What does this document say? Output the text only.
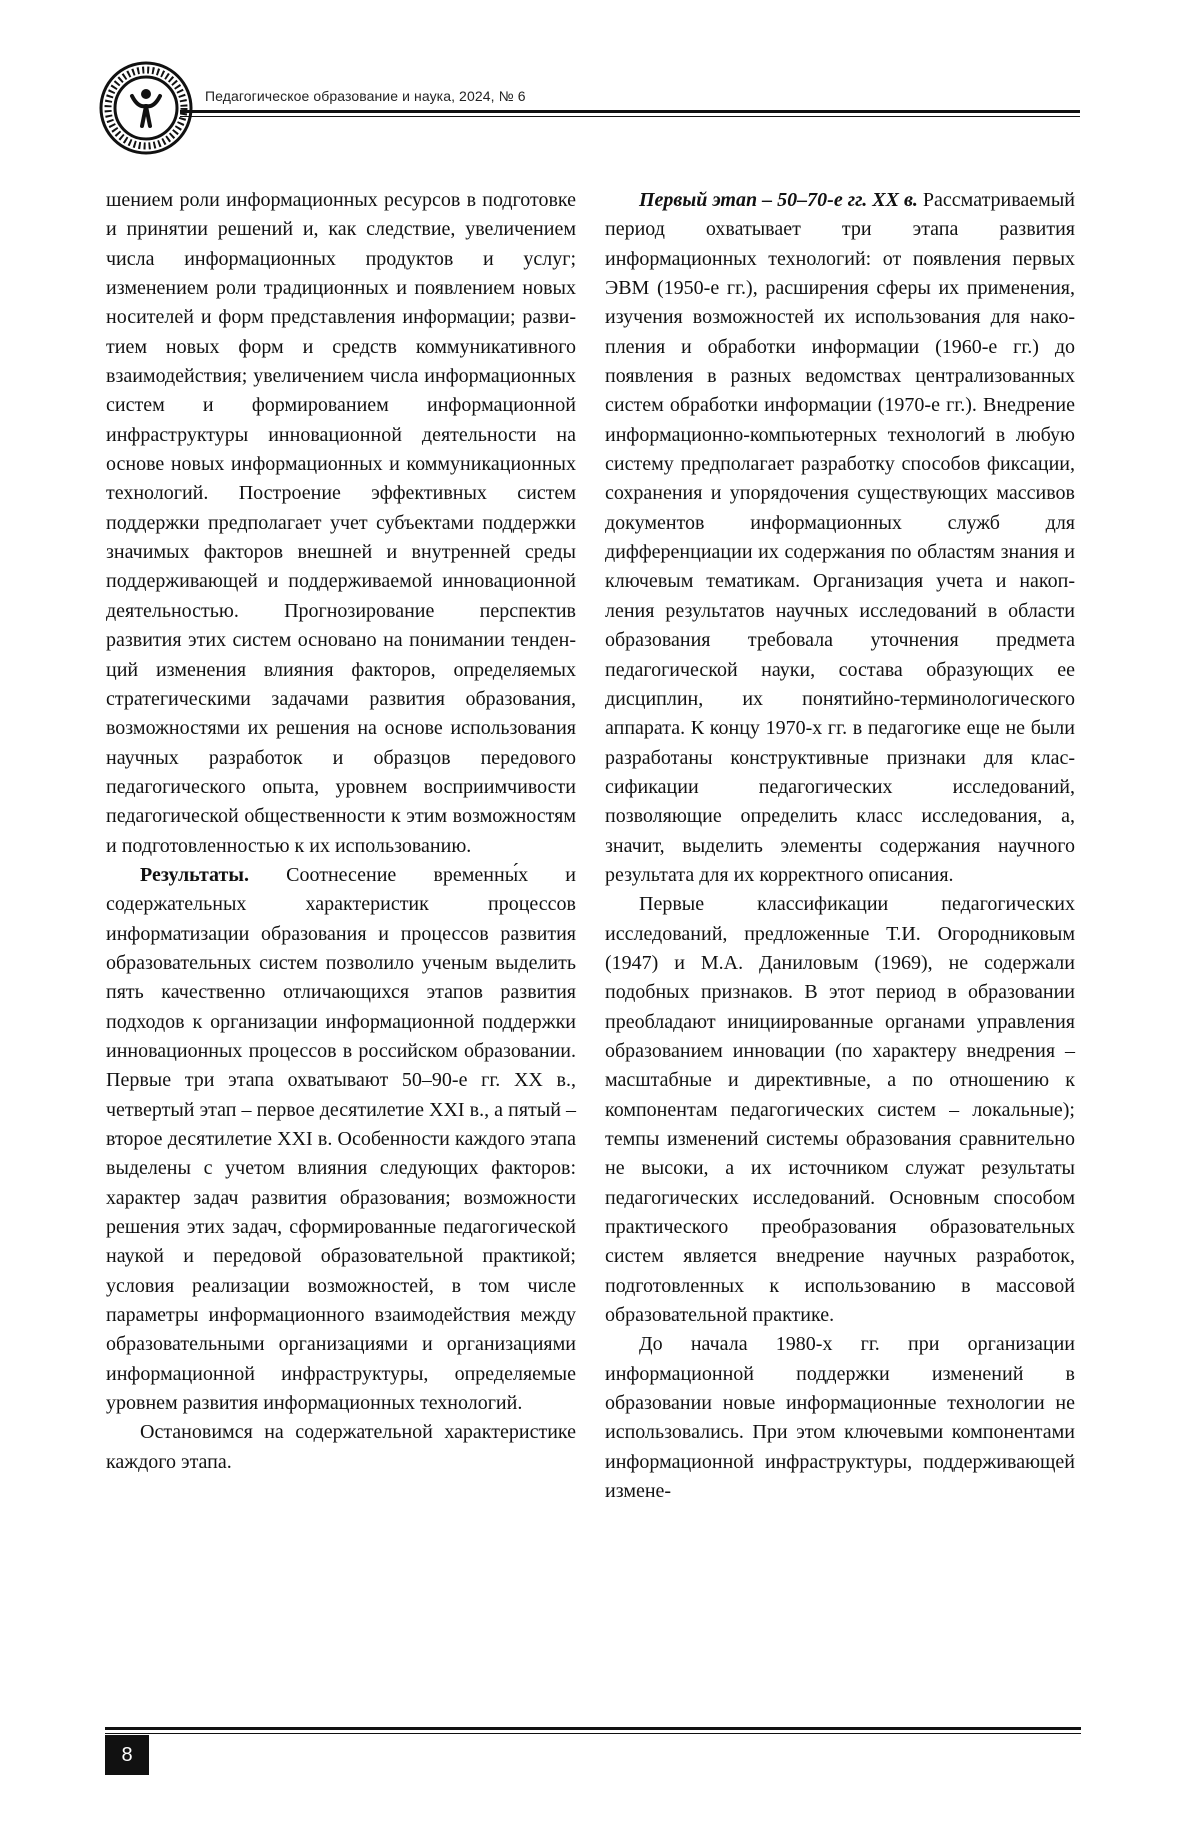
Педагогическое образование и наука, 2024, № 6

шением роли информационных ресурсов в подготовке и принятии решений и, как следствие, увеличением числа информационных продуктов и услуг; изменением роли традиционных и появлением новых носителей и форм представления информации; развитием новых форм и средств коммуникативного взаимодействия; увеличением числа информационных систем и формированием информационной инфраструктуры инновационной деятельности на основе новых информационных и коммуникационных технологий. Построение эффективных систем поддержки предполагает учет субъектами поддержки значимых факторов внешней и внутренней среды поддерживающей и поддерживаемой инновационной деятельностью. Прогнозирование перспектив развития этих систем основано на понимании тенденций изменения влияния факторов, определяемых стратегическими задачами развития образования, возможностями их решения на основе использования научных разработок и образцов передового педагогического опыта, уровнем восприимчивости педагогической общественности к этим возможностям и подготовленностью к их использованию.

Результаты. Соотнесение временны́х и содержательных характеристик процессов информатизации образования и процессов развития образовательных систем позволило ученым выделить пять качественно отличающихся этапов развития подходов к организации информационной поддержки инновационных процессов в российском образовании. Первые три этапа охватывают 50–90-е гг. XX в., четвертый этап – первое десятилетие XXI в., а пятый – второе десятилетие XXI в. Особенности каждого этапа выделены с учетом влияния следующих факторов: характер задач развития образования; возможности решения этих задач, сформированные педагогической наукой и передовой образовательной практикой; условия реализации возможностей, в том числе параметры информационного взаимодействия между образовательными организациями и организациями информационной инфраструктуры, определяемые уровнем развития информационных технологий.

Остановимся на содержательной характеристике каждого этапа.

Первый этап – 50–70-е гг. XX в. Рассматриваемый период охватывает три этапа развития информационных технологий: от появления первых ЭВМ (1950-е гг.), расширения сферы их применения, изучения возможностей их использования для накопления и обработки информации (1960-е гг.) до появления в разных ведомствах централизованных систем обработки информации (1970-е гг.). Внедрение информационно-компьютерных технологий в любую систему предполагает разработку способов фиксации, сохранения и упорядочения существующих массивов документов информационных служб для дифференциации их содержания по областям знания и ключевым тематикам. Организация учета и накопления результатов научных исследований в области образования требовала уточнения предмета педагогической науки, состава образующих ее дисциплин, их понятийно-терминологического аппарата. К концу 1970-х гг. в педагогике еще не были разработаны конструктивные признаки для классификации педагогических исследований, позволяющие определить класс исследования, а, значит, выделить элементы содержания научного результата для их корректного описания.

Первые классификации педагогических исследований, предложенные Т.И. Огородниковым (1947) и М.А. Даниловым (1969), не содержали подобных признаков. В этот период в образовании преобладают инициированные органами управления образованием инновации (по характеру внедрения – масштабные и директивные, а по отношению к компонентам педагогических систем – локальные); темпы изменений системы образования сравнительно не высоки, а их источником служат результаты педагогических исследований. Основным способом практического преобразования образовательных систем является внедрение научных разработок, подготовленных к использованию в массовой образовательной практике.

До начала 1980-х гг. при организации информационной поддержки изменений в образовании новые информационные технологии не использовались. При этом ключевыми компонентами информационной инфраструктуры, поддерживающей измене-

8
